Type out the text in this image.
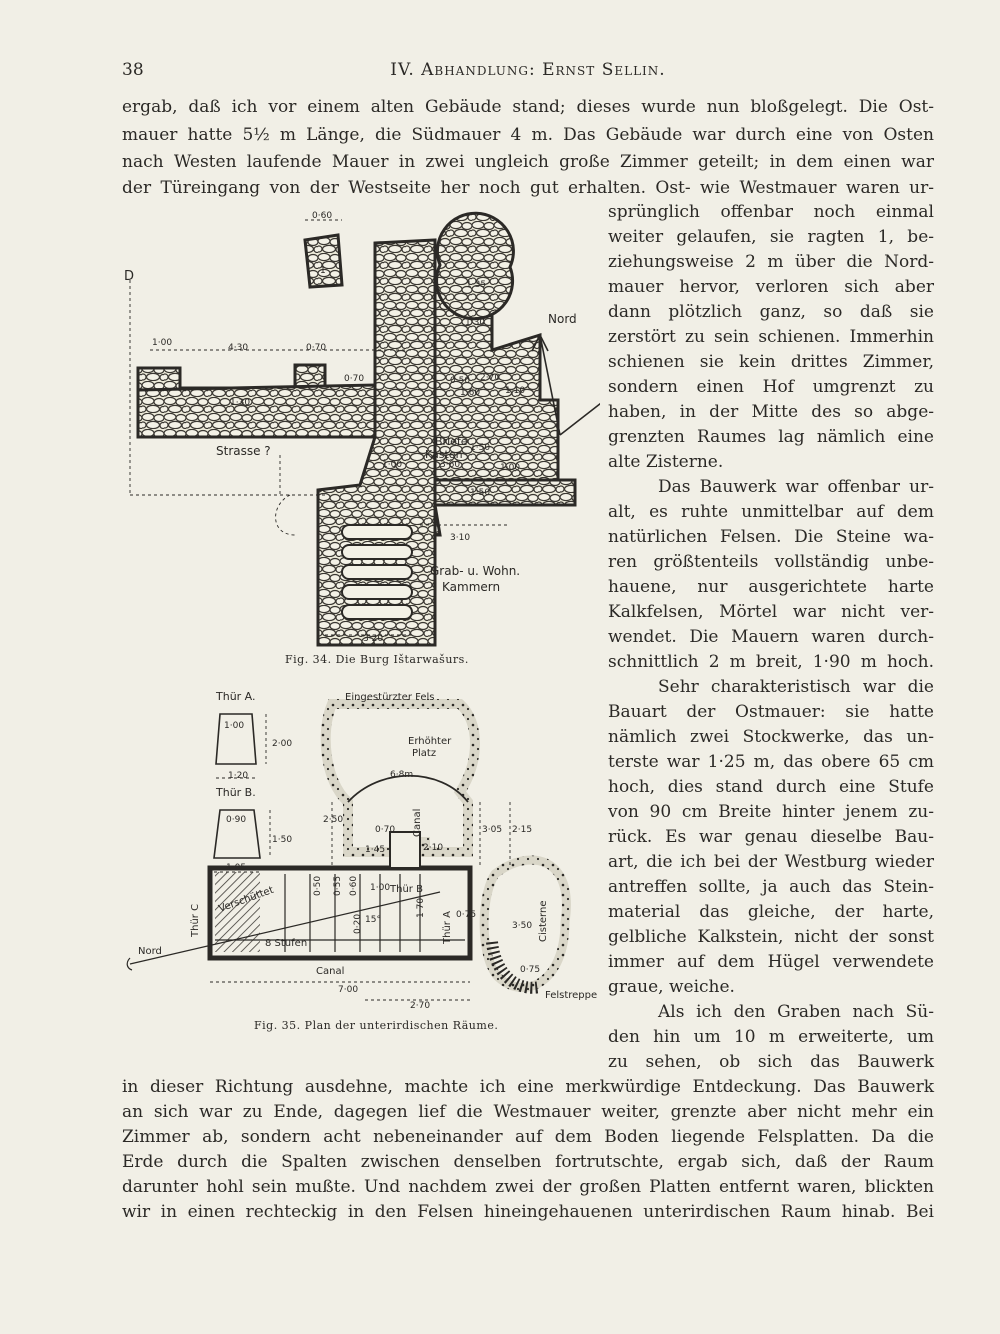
38	IV. Abhandlung: Ernst Sellin.
ergab, daß ich vor einem alten Gebäude stand; dieses wurde nun bloßgelegt. Die Ost-
mauer hatte 5½ m Länge, die Südmauer 4 m. Das Gebäude war durch eine von Osten
nach Westen laufende Mauer in zwei ungleich große Zimmer geteilt; in dem einen war
der Türeingang von der Westseite her noch gut erhalten. Ost- wie Westmauer waren ur-
sprünglich offenbar noch einmal
weiter gelaufen, sie ragten 1, be-
ziehungsweise 2 m über die Nord-
mauer hervor, verloren sich aber
dann plötzlich ganz, so daß sie
zerstört zu sein schienen. Immerhin
schienen sie kein drittes Zimmer,
sondern einen Hof umgrenzt zu
haben, in der Mitte des so abge-
grenzten Raumes lag nämlich eine
alte Zisterne.
Das Bauwerk war offenbar ur-
alt, es ruhte unmittelbar auf dem
natürlichen Felsen. Die Steine wa-
ren größtenteils vollständig unbe-
hauene, nur ausgerichtete harte
Kalkfelsen, Mörtel war nicht ver-
wendet. Die Mauern waren durch-
schnittlich 2 m breit, 1·90 m hoch.
Sehr charakteristisch war die
Bauart der Ostmauer: sie hatte
nämlich zwei Stockwerke, das un-
terste war 1·25 m, das obere 65 cm
hoch, dies stand durch eine Stufe
von 90 cm Breite hinter jenem zu-
rück. Es war genau dieselbe Bau-
art, die ich bei der Westburg wieder
antreffen sollte, ja auch das Stein-
material das gleiche, der harte,
gelbliche Kalkstein, nicht der sonst
immer auf dem Hügel verwendete
graue, weiche.
Als ich den Graben nach Sü-
den hin um 10 m erweiterte, um
zu sehen, ob sich das Bauwerk
in dieser Richtung ausdehne, machte ich eine merkwürdige Entdeckung. Das Bauwerk
an sich war zu Ende, dagegen lief die Westmauer weiter, grenzte aber nicht mehr ein
Zimmer ab, sondern acht nebeneinander auf dem Boden liegende Felsplatten. Da die
Erde durch die Spalten zwischen denselben fortrutschte, ergab sich, daß der Raum
darunter hohl sein mußte. Und nachdem zwei der großen Platten entfernt waren, blickten
wir in einen rechteckig in den Felsen hineingehauenen unterirdischen Raum hinab. Bei
D
Nord
Strasse ?
Briefe
Kasten
Grab- u. Wohn.
Kammern
0·60
1·00	4·30	0·70
0·70
1·30
1·30
2·70
1·60	1·10
0·50
1·00	3·60	1·00
1·50
1·50
3·10
3·20
1·35
1
Fig. 34. Die Burg Ištarwašurs.
Thür A.
Thür B.
1·00
2·00
1·20
0·90
1·50
1·05
Eingestürzter Fels
Erhöhter
Platz
6·8m
Canal
2·50
1·45
0·70
2·10
3·05 2·15
Thür B
Thür C
Verschüttet
8 Stufen
Canal
7·00
2·70
3·50 Cisterne
Thür A
Felstreppe
Nord
15°
1·70
0·50 0·55 0·60
0·20
1·00
0·75
0·75
Fig. 35. Plan der unterirdischen Räume.
